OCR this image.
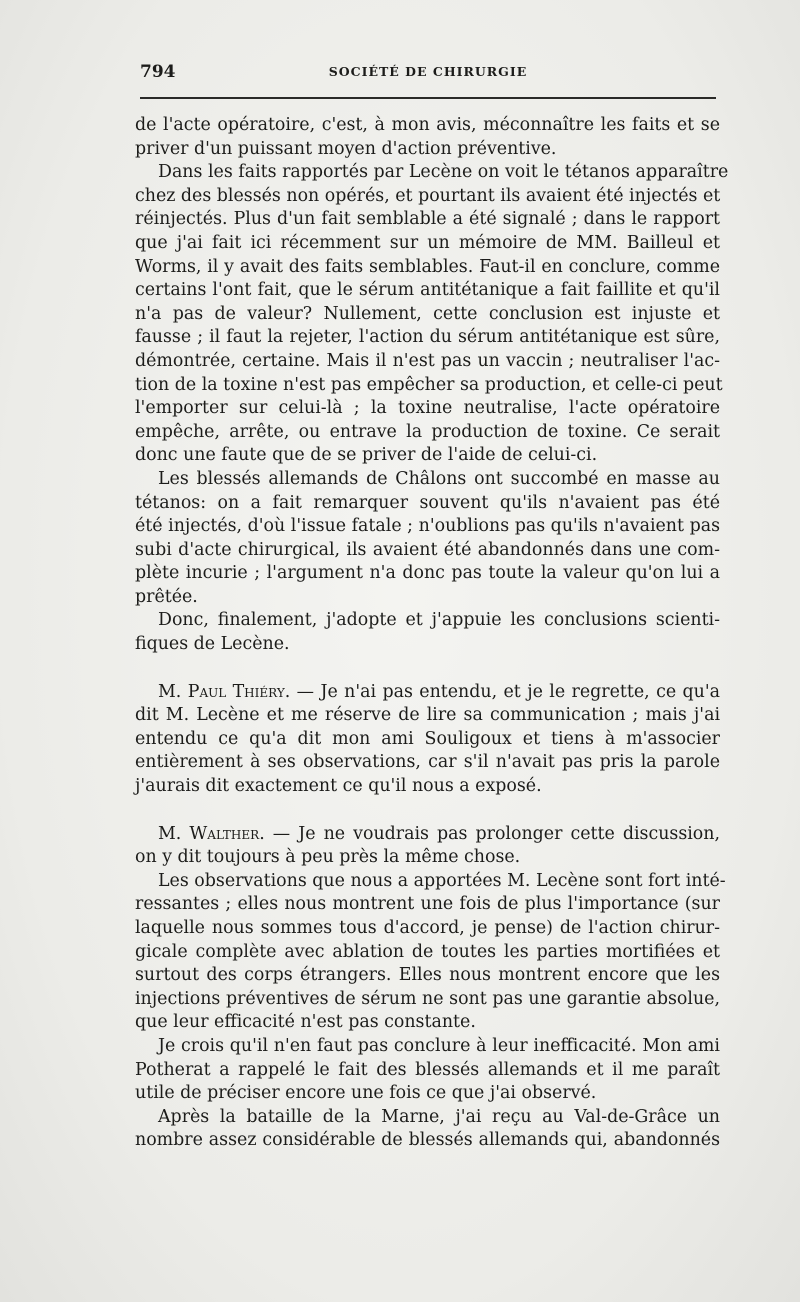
794	SOCIÉTÉ DE CHIRURGIE
de l'acte opératoire, c'est, à mon avis, méconnaître les faits et se
priver d'un puissant moyen d'action préventive.
Dans les faits rapportés par Lecène on voit le tétanos apparaître
chez des blessés non opérés, et pourtant ils avaient été injectés et
réinjectés. Plus d'un fait semblable a été signalé ; dans le rapport
que j'ai fait ici récemment sur un mémoire de MM. Bailleul et
Worms, il y avait des faits semblables. Faut-il en conclure, comme
certains l'ont fait, que le sérum antitétanique a fait faillite et qu'il
n'a pas de valeur? Nullement, cette conclusion est injuste et
fausse ; il faut la rejeter, l'action du sérum antitétanique est sûre,
démontrée, certaine. Mais il n'est pas un vaccin ; neutraliser l'ac-
tion de la toxine n'est pas empêcher sa production, et celle-ci peut
l'emporter sur celui-là ; la toxine neutralise, l'acte opératoire
empêche, arrête, ou entrave la production de toxine. Ce serait
donc une faute que de se priver de l'aide de celui-ci.
Les blessés allemands de Châlons ont succombé en masse au
tétanos: on a fait remarquer souvent qu'ils n'avaient pas été
été injectés, d'où l'issue fatale ; n'oublions pas qu'ils n'avaient pas
subi d'acte chirurgical, ils avaient été abandonnés dans une com-
plète incurie ; l'argument n'a donc pas toute la valeur qu'on lui a
prêtée.
Donc, finalement, j'adopte et j'appuie les conclusions scienti-
fiques de Lecène.
M. Paul Thiéry. — Je n'ai pas entendu, et je le regrette, ce qu'a
dit M. Lecène et me réserve de lire sa communication ; mais j'ai
entendu ce qu'a dit mon ami Souligoux et tiens à m'associer
entièrement à ses observations, car s'il n'avait pas pris la parole
j'aurais dit exactement ce qu'il nous a exposé.
M. Walther. — Je ne voudrais pas prolonger cette discussion,
on y dit toujours à peu près la même chose.
Les observations que nous a apportées M. Lecène sont fort inté-
ressantes ; elles nous montrent une fois de plus l'importance (sur
laquelle nous sommes tous d'accord, je pense) de l'action chirur-
gicale complète avec ablation de toutes les parties mortifiées et
surtout des corps étrangers. Elles nous montrent encore que les
injections préventives de sérum ne sont pas une garantie absolue,
que leur efficacité n'est pas constante.
Je crois qu'il n'en faut pas conclure à leur inefficacité. Mon ami
Potherat a rappelé le fait des blessés allemands et il me paraît
utile de préciser encore une fois ce que j'ai observé.
Après la bataille de la Marne, j'ai reçu au Val-de-Grâce un
nombre assez considérable de blessés allemands qui, abandonnés
